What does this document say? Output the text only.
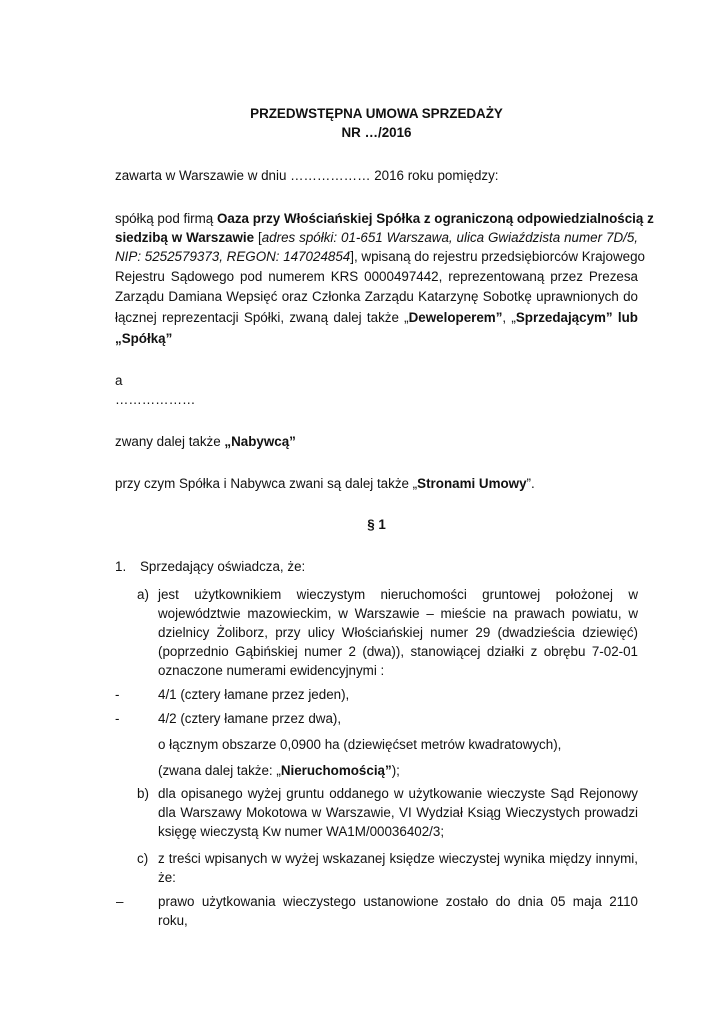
PRZEDWSTĘPNA UMOWA SPRZEDAŻY
NR …/2016
zawarta w Warszawie w dniu ……………… 2016 roku pomiędzy:
spółką pod firmą Oaza przy Włościańskiej Spółka z ograniczoną odpowiedzialnością z
siedzibą w Warszawie [adres spółki: 01-651 Warszawa, ulica Gwiaździsta numer 7D/5,
NIP: 5252579373, REGON: 147024854], wpisaną do rejestru przedsiębiorców Krajowego
Rejestru Sądowego pod numerem KRS 0000497442, reprezentowaną przez Prezesa
Zarządu Damiana Wepsięć oraz Członka Zarządu Katarzynę Sobotkę uprawnionych do
łącznej reprezentacji Spółki, zwaną dalej także „Deweloperem”, „Sprzedającym” lub
„Spółką”
a
………………
zwany dalej także „Nabywcą”
przy czym Spółka i Nabywca zwani są dalej także „Stronami Umowy”.
§ 1
1. Sprzedający oświadcza, że:
a) jest użytkownikiem wieczystym nieruchomości gruntowej położonej w
województwie mazowieckim, w Warszawie – mieście na prawach powiatu, w
dzielnicy Żoliborz, przy ulicy Włościańskiej numer 29 (dwadzieścia dziewięć)
(poprzednio Gąbińskiej numer 2 (dwa)), stanowiącej działki z obrębu 7-02-01
oznaczone numerami ewidencyjnymi :
-	4/1 (cztery łamane przez jeden),
-	4/2 (cztery łamane przez dwa),
o łącznym obszarze 0,0900 ha (dziewięćset metrów kwadratowych),
(zwana dalej także: „Nieruchomością”);
b) dla opisanego wyżej gruntu oddanego w użytkowanie wieczyste Sąd Rejonowy
dla Warszawy Mokotowa w Warszawie, VI Wydział Ksiąg Wieczystych prowadzi
księgę wieczystą Kw numer WA1M/00036402/3;
c) z treści wpisanych w wyżej wskazanej księdze wieczystej wynika między innymi,
że:
–	prawo użytkowania wieczystego ustanowione zostało do dnia 05 maja 2110
roku,
